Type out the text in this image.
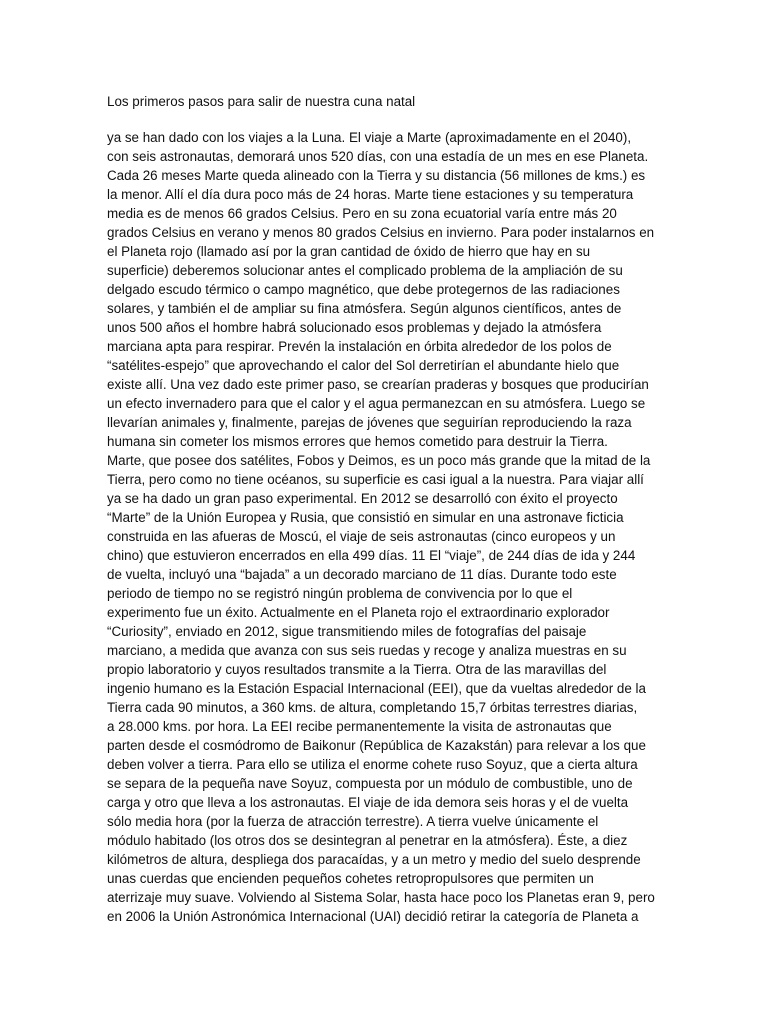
Los primeros pasos para salir de nuestra cuna natal
ya se han dado con los viajes a la Luna. El viaje a Marte (aproximadamente en el 2040),
con seis astronautas, demorará unos 520 días, con una estadía de un mes en ese Planeta.
Cada 26 meses Marte queda alineado con la Tierra y su distancia (56 millones de kms.) es
la menor. Allí el día dura poco más de 24 horas. Marte tiene estaciones y su temperatura
media es de menos 66 grados Celsius. Pero en su zona ecuatorial varía entre más 20
grados Celsius en verano y menos 80 grados Celsius en invierno. Para poder instalarnos en
el Planeta rojo (llamado así por la gran cantidad de óxido de hierro que hay en su
superficie) deberemos solucionar antes el complicado problema de la ampliación de su
delgado escudo térmico o campo magnético, que debe protegernos de las radiaciones
solares, y también el de ampliar su fina atmósfera. Según algunos científicos, antes de
unos 500 años el hombre habrá solucionado esos problemas y dejado la atmósfera
marciana apta para respirar. Prevén la instalación en órbita alrededor de los polos de
“satélites-espejo” que aprovechando el calor del Sol derretirían el abundante hielo que
existe allí. Una vez dado este primer paso, se crearían praderas y bosques que producirían
un efecto invernadero para que el calor y el agua permanezcan en su atmósfera. Luego se
llevarían animales y, finalmente, parejas de jóvenes que seguirían reproduciendo la raza
humana sin cometer los mismos errores que hemos cometido para destruir la Tierra.
Marte, que posee dos satélites, Fobos y Deimos, es un poco más grande que la mitad de la
Tierra, pero como no tiene océanos, su superficie es casi igual a la nuestra. Para viajar allí
ya se ha dado un gran paso experimental. En 2012 se desarrolló con éxito el proyecto
“Marte” de la Unión Europea y Rusia, que consistió en simular en una astronave ficticia
construida en las afueras de Moscú, el viaje de seis astronautas (cinco europeos y un
chino) que estuvieron encerrados en ella 499 días. 11 El “viaje”, de 244 días de ida y 244
de vuelta, incluyó una “bajada” a un decorado marciano de 11 días. Durante todo este
periodo de tiempo no se registró ningún problema de convivencia por lo que el
experimento fue un éxito. Actualmente en el Planeta rojo el extraordinario explorador
“Curiosity”, enviado en 2012, sigue transmitiendo miles de fotografías del paisaje
marciano, a medida que avanza con sus seis ruedas y recoge y analiza muestras en su
propio laboratorio y cuyos resultados transmite a la Tierra. Otra de las maravillas del
ingenio humano es la Estación Espacial Internacional (EEI), que da vueltas alrededor de la
Tierra cada 90 minutos, a 360 kms. de altura, completando 15,7 órbitas terrestres diarias,
a 28.000 kms. por hora. La EEI recibe permanentemente la visita de astronautas que
parten desde el cosmódromo de Baikonur (República de Kazakstán) para relevar a los que
deben volver a tierra. Para ello se utiliza el enorme cohete ruso Soyuz, que a cierta altura
se separa de la pequeña nave Soyuz, compuesta por un módulo de combustible, uno de
carga y otro que lleva a los astronautas. El viaje de ida demora seis horas y el de vuelta
sólo media hora (por la fuerza de atracción terrestre). A tierra vuelve únicamente el
módulo habitado (los otros dos se desintegran al penetrar en la atmósfera). Éste, a diez
kilómetros de altura, despliega dos paracaídas, y a un metro y medio del suelo desprende
unas cuerdas que encienden pequeños cohetes retropropulsores que permiten un
aterrizaje muy suave. Volviendo al Sistema Solar, hasta hace poco los Planetas eran 9, pero
en 2006 la Unión Astronómica Internacional (UAI) decidió retirar la categoría de Planeta a
